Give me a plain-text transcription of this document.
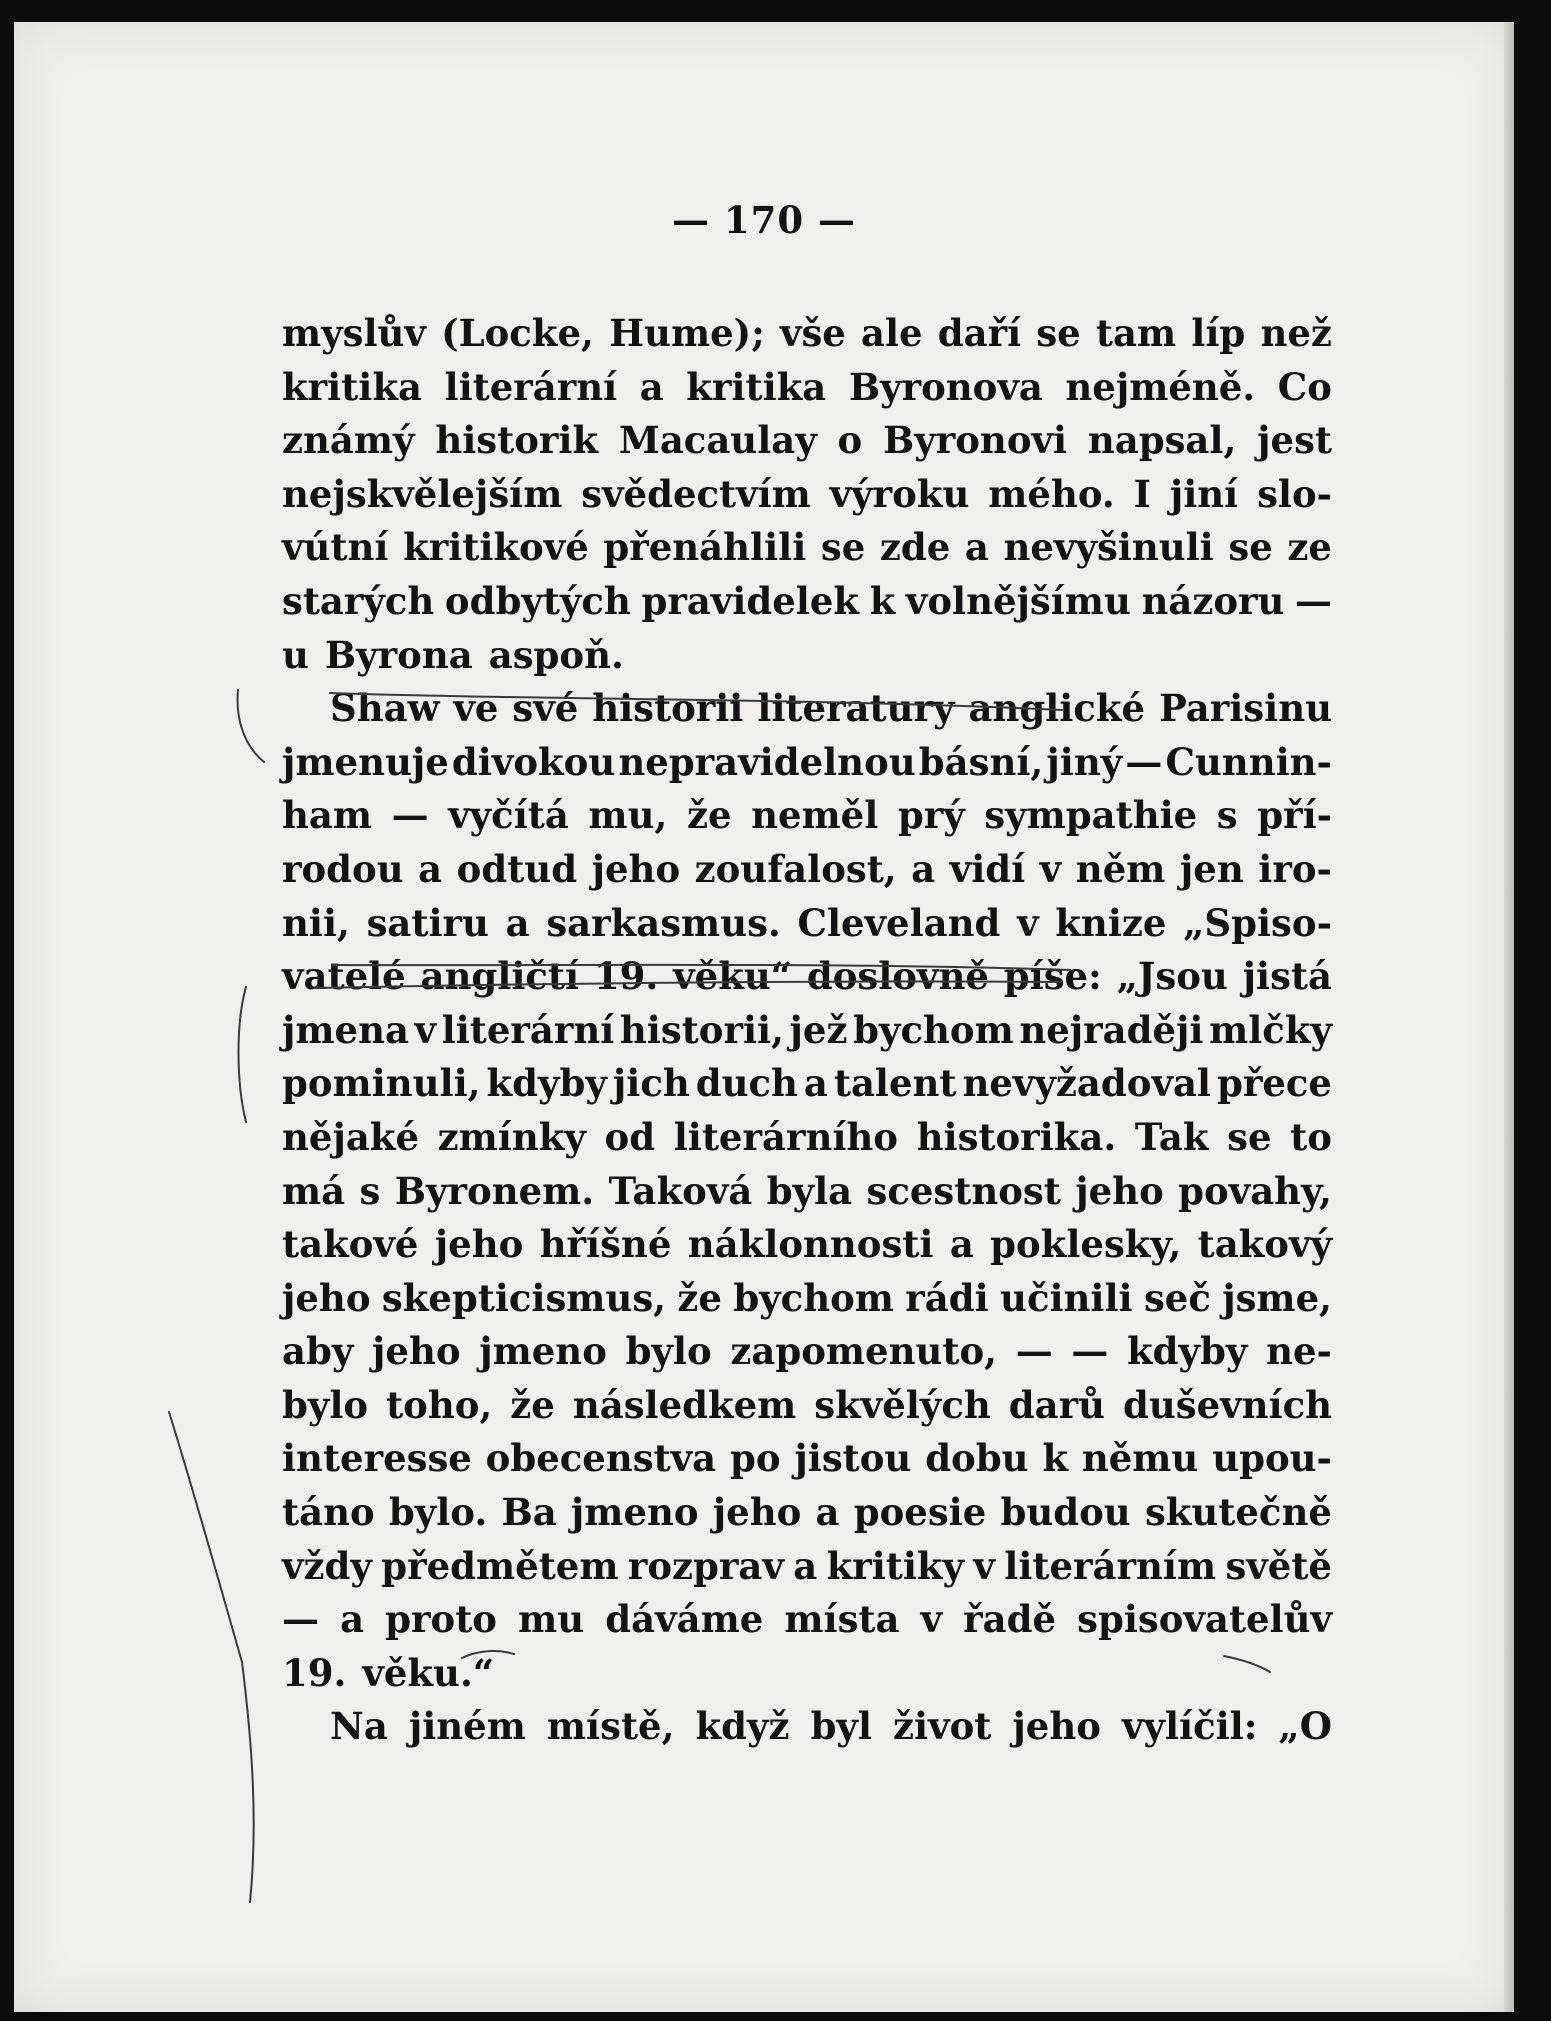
— 170 —
myslův (Locke, Hume); vše ale daří se tam líp než
kritika literární a kritika Byronova nejméně. Co
známý historik Macaulay o Byronovi napsal, jest
nejskvělejším svědectvím výroku mého. I jiní slo-
vútní kritikové přenáhlili se zde a nevyšinuli se ze
starých odbytých pravidelek k volnějšímu názoru —
u Byrona aspoň.
Shaw ve své historii literatury anglické Parisinu
jmenuje divokou nepravidelnou básní, jiný — Cunnin-
ham — vyčítá mu, že neměl prý sympathie s pří-
rodou a odtud jeho zoufalost, a vidí v něm jen iro-
nii, satiru a sarkasmus. Cleveland v knize „Spiso-
vatelé angličtí 19. věku“ doslovně píše: „Jsou jistá
jmena v literární historii, jež bychom nejraději mlčky
pominuli, kdyby jich duch a talent nevyžadoval přece
nějaké zmínky od literárního historika. Tak se to
má s Byronem. Taková byla scestnost jeho povahy,
takové jeho hříšné náklonnosti a poklesky, takový
jeho skepticismus, že bychom rádi učinili seč jsme,
aby jeho jmeno bylo zapomenuto, — — kdyby ne-
bylo toho, že následkem skvělých darů duševních
interesse obecenstva po jistou dobu k němu upou-
táno bylo. Ba jmeno jeho a poesie budou skutečně
vždy předmětem rozprav a kritiky v literárním světě
— a proto mu dáváme místa v řadě spisovatelův
19. věku.“
Na jiném místě, když byl život jeho vylíčil: „O
